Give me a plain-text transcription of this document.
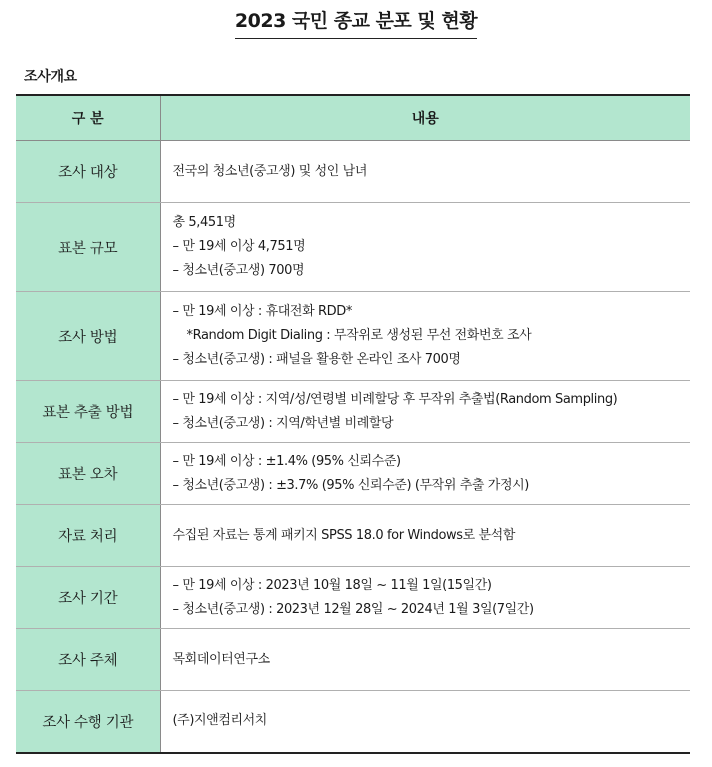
2023 국민 종교 분포 및 현황
조사개요
구 분	내용
조사 대상	전국의 청소년(중고생) 및 성인 남녀

표본 규모	총 5,451명
– 만 19세 이상 4,751명
– 청소년(중고생) 700명

조사 방법	– 만 19세 이상 : 휴대전화 RDD*
*Random Digit Dialing : 무작위로 생성된 무선 전화번호 조사
– 청소년(중고생) : 패널을 활용한 온라인 조사 700명

표본 추출 방법	– 만 19세 이상 : 지역/성/연령별 비례할당 후 무작위 추출법(Random Sampling)
– 청소년(중고생) : 지역/학년별 비례할당

표본 오차	– 만 19세 이상 : ±1.4% (95% 신뢰수준)
– 청소년(중고생) : ±3.7% (95% 신뢰수준) (무작위 추출 가정시)

자료 처리	수집된 자료는 통계 패키지 SPSS 18.0 for Windows로 분석함

조사 기간	– 만 19세 이상 : 2023년 10월 18일 ~ 11월 1일(15일간)
– 청소년(중고생) : 2023년 12월 28일 ~ 2024년 1월 3일(7일간)

조사 주체	목회데이터연구소

조사 수행 기관	(주)지앤컴리서치
